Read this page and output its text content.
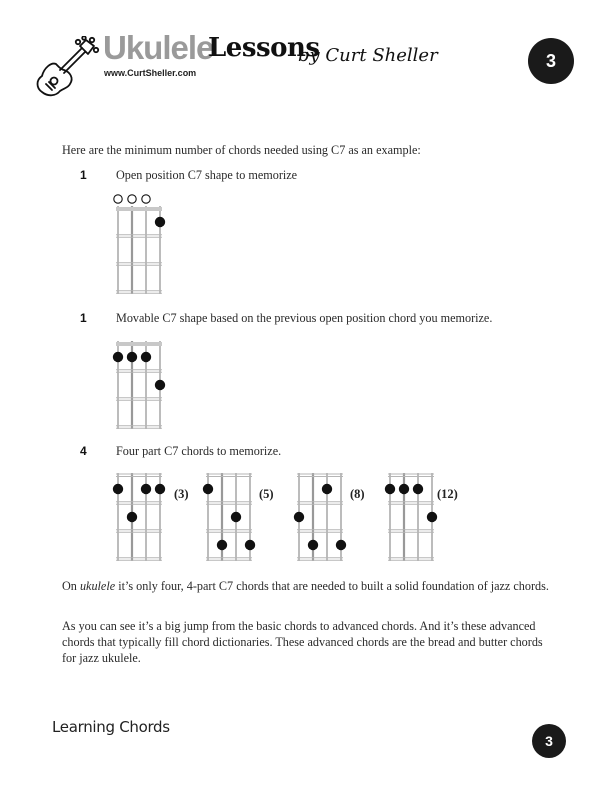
Ukulele
Lessons
by Curt Sheller
www.CurtSheller.com
3
Here are the minimum number of chords needed using C7 as an example:
1 Open position C7 shape to memorize
1 Movable C7 shape based on the previous open position chord you memorize.
4 Four part C7 chords to memorize.
(3)	(5)	(8)	(12)
On ukulele it’s only four, 4-part C7 chords that are needed to built a solid foundation of jazz chords.
As you can see it’s a big jump from the basic chords to advanced chords. And it’s these advanced chords that typically fill chord dictionaries. These advanced chords are the bread and butter chords for jazz ukulele.
Learning Chords
3
